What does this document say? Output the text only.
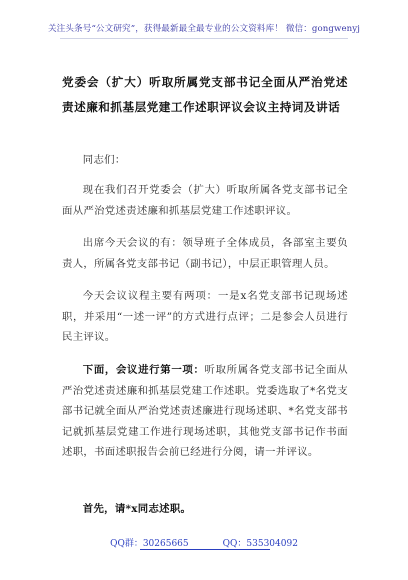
关注头条号“公文研究”，获得最新最全最专业的公文资料库！ 微信：gongwenyj
党委会（扩大）听取所属党支部书记全面从严治党述责述廉和抓基层党建工作述职评议会议主持词及讲话
同志们：
现在我们召开党委会（扩大）听取所属各党支部书记全面从严治党述责述廉和抓基层党建工作述职评议。
出席今天会议的有：领导班子全体成员，各部室主要负责人，所属各党支部书记（副书记），中层正职管理人员。
今天会议议程主要有两项：一是x名党支部书记现场述职，并采用“一述一评”的方式进行点评；二是参会人员进行民主评议。
下面，会议进行第一项：听取所属各党支部书记全面从严治党述责述廉和抓基层党建工作述职。党委选取了*名党支部书记就全面从严治党述责述廉进行现场述职、*名党支部书记就抓基层党建工作进行现场述职，其他党支部书记作书面述职，书面述职报告会前已经进行分阅，请一并评议。
首先，请*x同志述职。
QQ群：30265665	QQ：535304092
